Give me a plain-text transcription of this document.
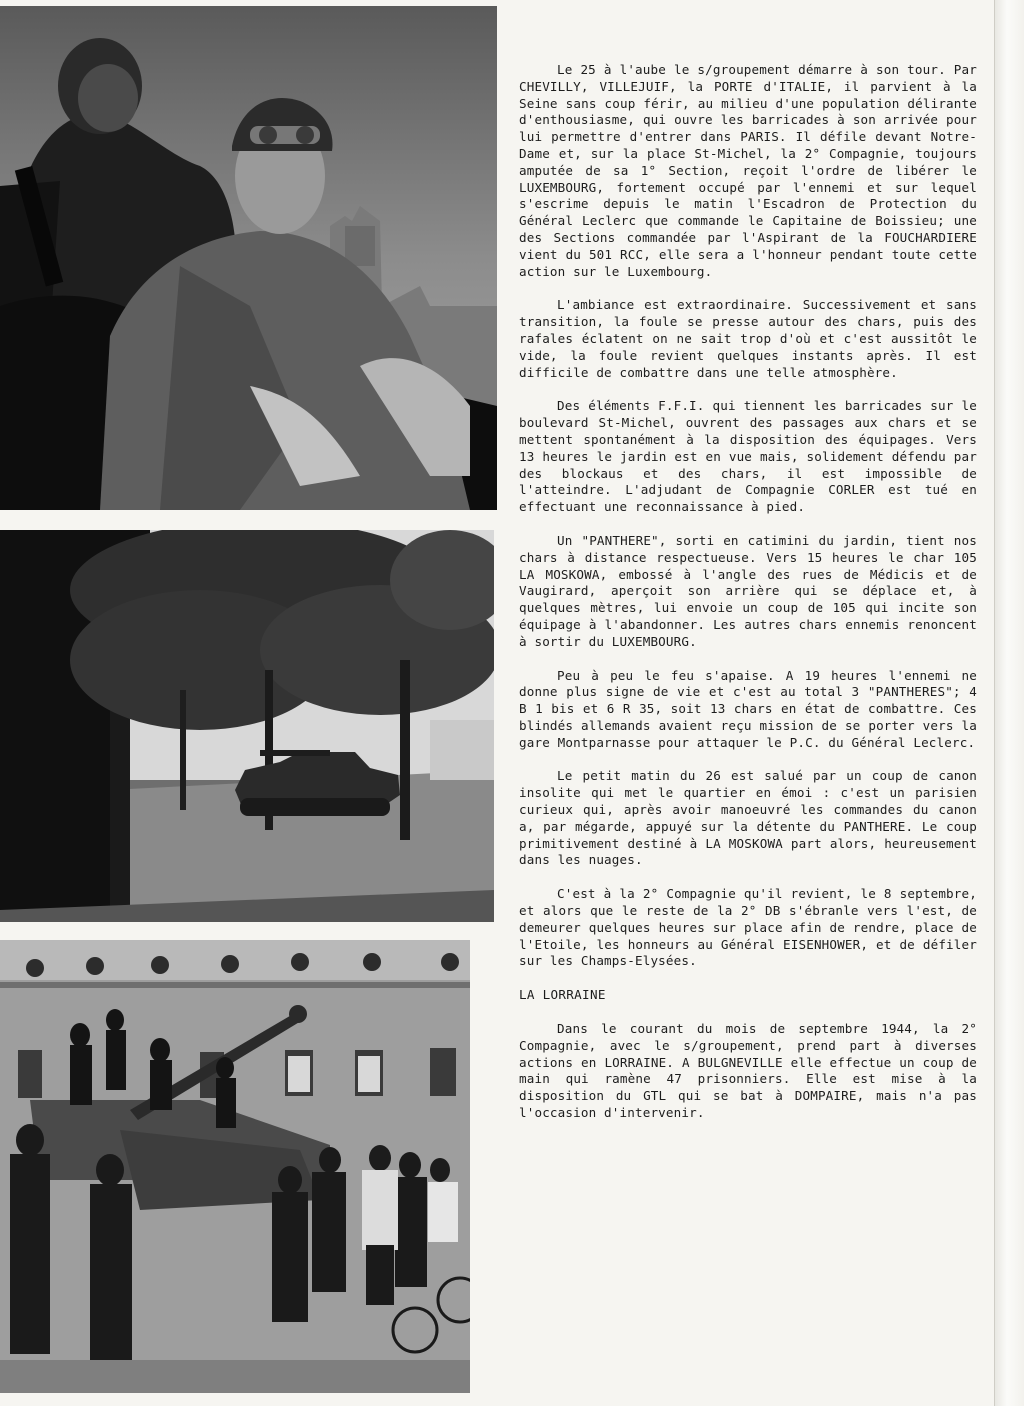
Le 25 à l'aube le s/groupement démarre à son tour. Par CHEVILLY, VILLEJUIF, la PORTE d'ITALIE, il parvient à la Seine sans coup férir, au milieu d'une population délirante d'enthousiasme, qui ouvre les barricades à son arrivée pour lui permettre d'entrer dans PARIS. Il défile devant Notre-Dame et, sur la place St-Michel, la 2° Compagnie, toujours amputée de sa 1° Section, reçoit l'ordre de libérer le LUXEMBOURG, fortement occupé par l'ennemi et sur lequel s'escrime depuis le matin l'Escadron de Protection du Général Leclerc que commande le Capitaine de Boissieu; une des Sections commandée par l'Aspirant de la FOUCHARDIERE vient du 501 RCC, elle sera a l'honneur pendant toute cette action sur le Luxembourg.

L'ambiance est extraordinaire. Successivement et sans transition, la foule se presse autour des chars, puis des rafales éclatent on ne sait trop d'où et c'est aussitôt le vide, la foule revient quelques instants après. Il est difficile de combattre dans une telle atmosphère.

Des éléments F.F.I. qui tiennent les barricades sur le boulevard St-Michel, ouvrent des passages aux chars et se mettent spontanément à la disposition des équipages. Vers 13 heures le jardin est en vue mais, solidement défendu par des blockaus et des chars, il est impossible de l'atteindre. L'adjudant de Compagnie CORLER est tué en effectuant une reconnaissance à pied.

Un "PANTHERE", sorti en catimini du jardin, tient nos chars à distance respectueuse. Vers 15 heures le char 105 LA MOSKOWA, embossé à l'angle des rues de Médicis et de Vaugirard, aperçoit son arrière qui se déplace et, à quelques mètres, lui envoie un coup de 105 qui incite son équipage à l'abandonner. Les autres chars ennemis renoncent à sortir du LUXEMBOURG.

Peu à peu le feu s'apaise. A 19 heures l'ennemi ne donne plus signe de vie et c'est au total 3 "PANTHERES"; 4 B 1 bis et 6 R 35, soit 13 chars en état de combattre. Ces blindés allemands avaient reçu mission de se porter vers la gare Montparnasse pour attaquer le P.C. du Général Leclerc.

Le petit matin du 26 est salué par un coup de canon insolite qui met le quartier en émoi : c'est un parisien curieux qui, après avoir manoeuvré les commandes du canon a, par mégarde, appuyé sur la détente du PANTHERE. Le coup primitivement destiné à LA MOSKOWA part alors, heureusement dans les nuages.

C'est à la 2° Compagnie qu'il revient, le 8 septembre, et alors que le reste de la 2° DB s'ébranle vers l'est, de demeurer quelques heures sur place afin de rendre, place de l'Etoile, les honneurs au Général EISENHOWER, et de défiler sur les Champs-Elysées.

LA LORRAINE

Dans le courant du mois de septembre 1944, la 2° Compagnie, avec le s/groupement, prend part à diverses actions en LORRAINE. A BULGNEVILLE elle effectue un coup de main qui ramène 47 prisonniers. Elle est mise à la disposition du GTL qui se bat à DOMPAIRE, mais n'a pas l'occasion d'intervenir.
